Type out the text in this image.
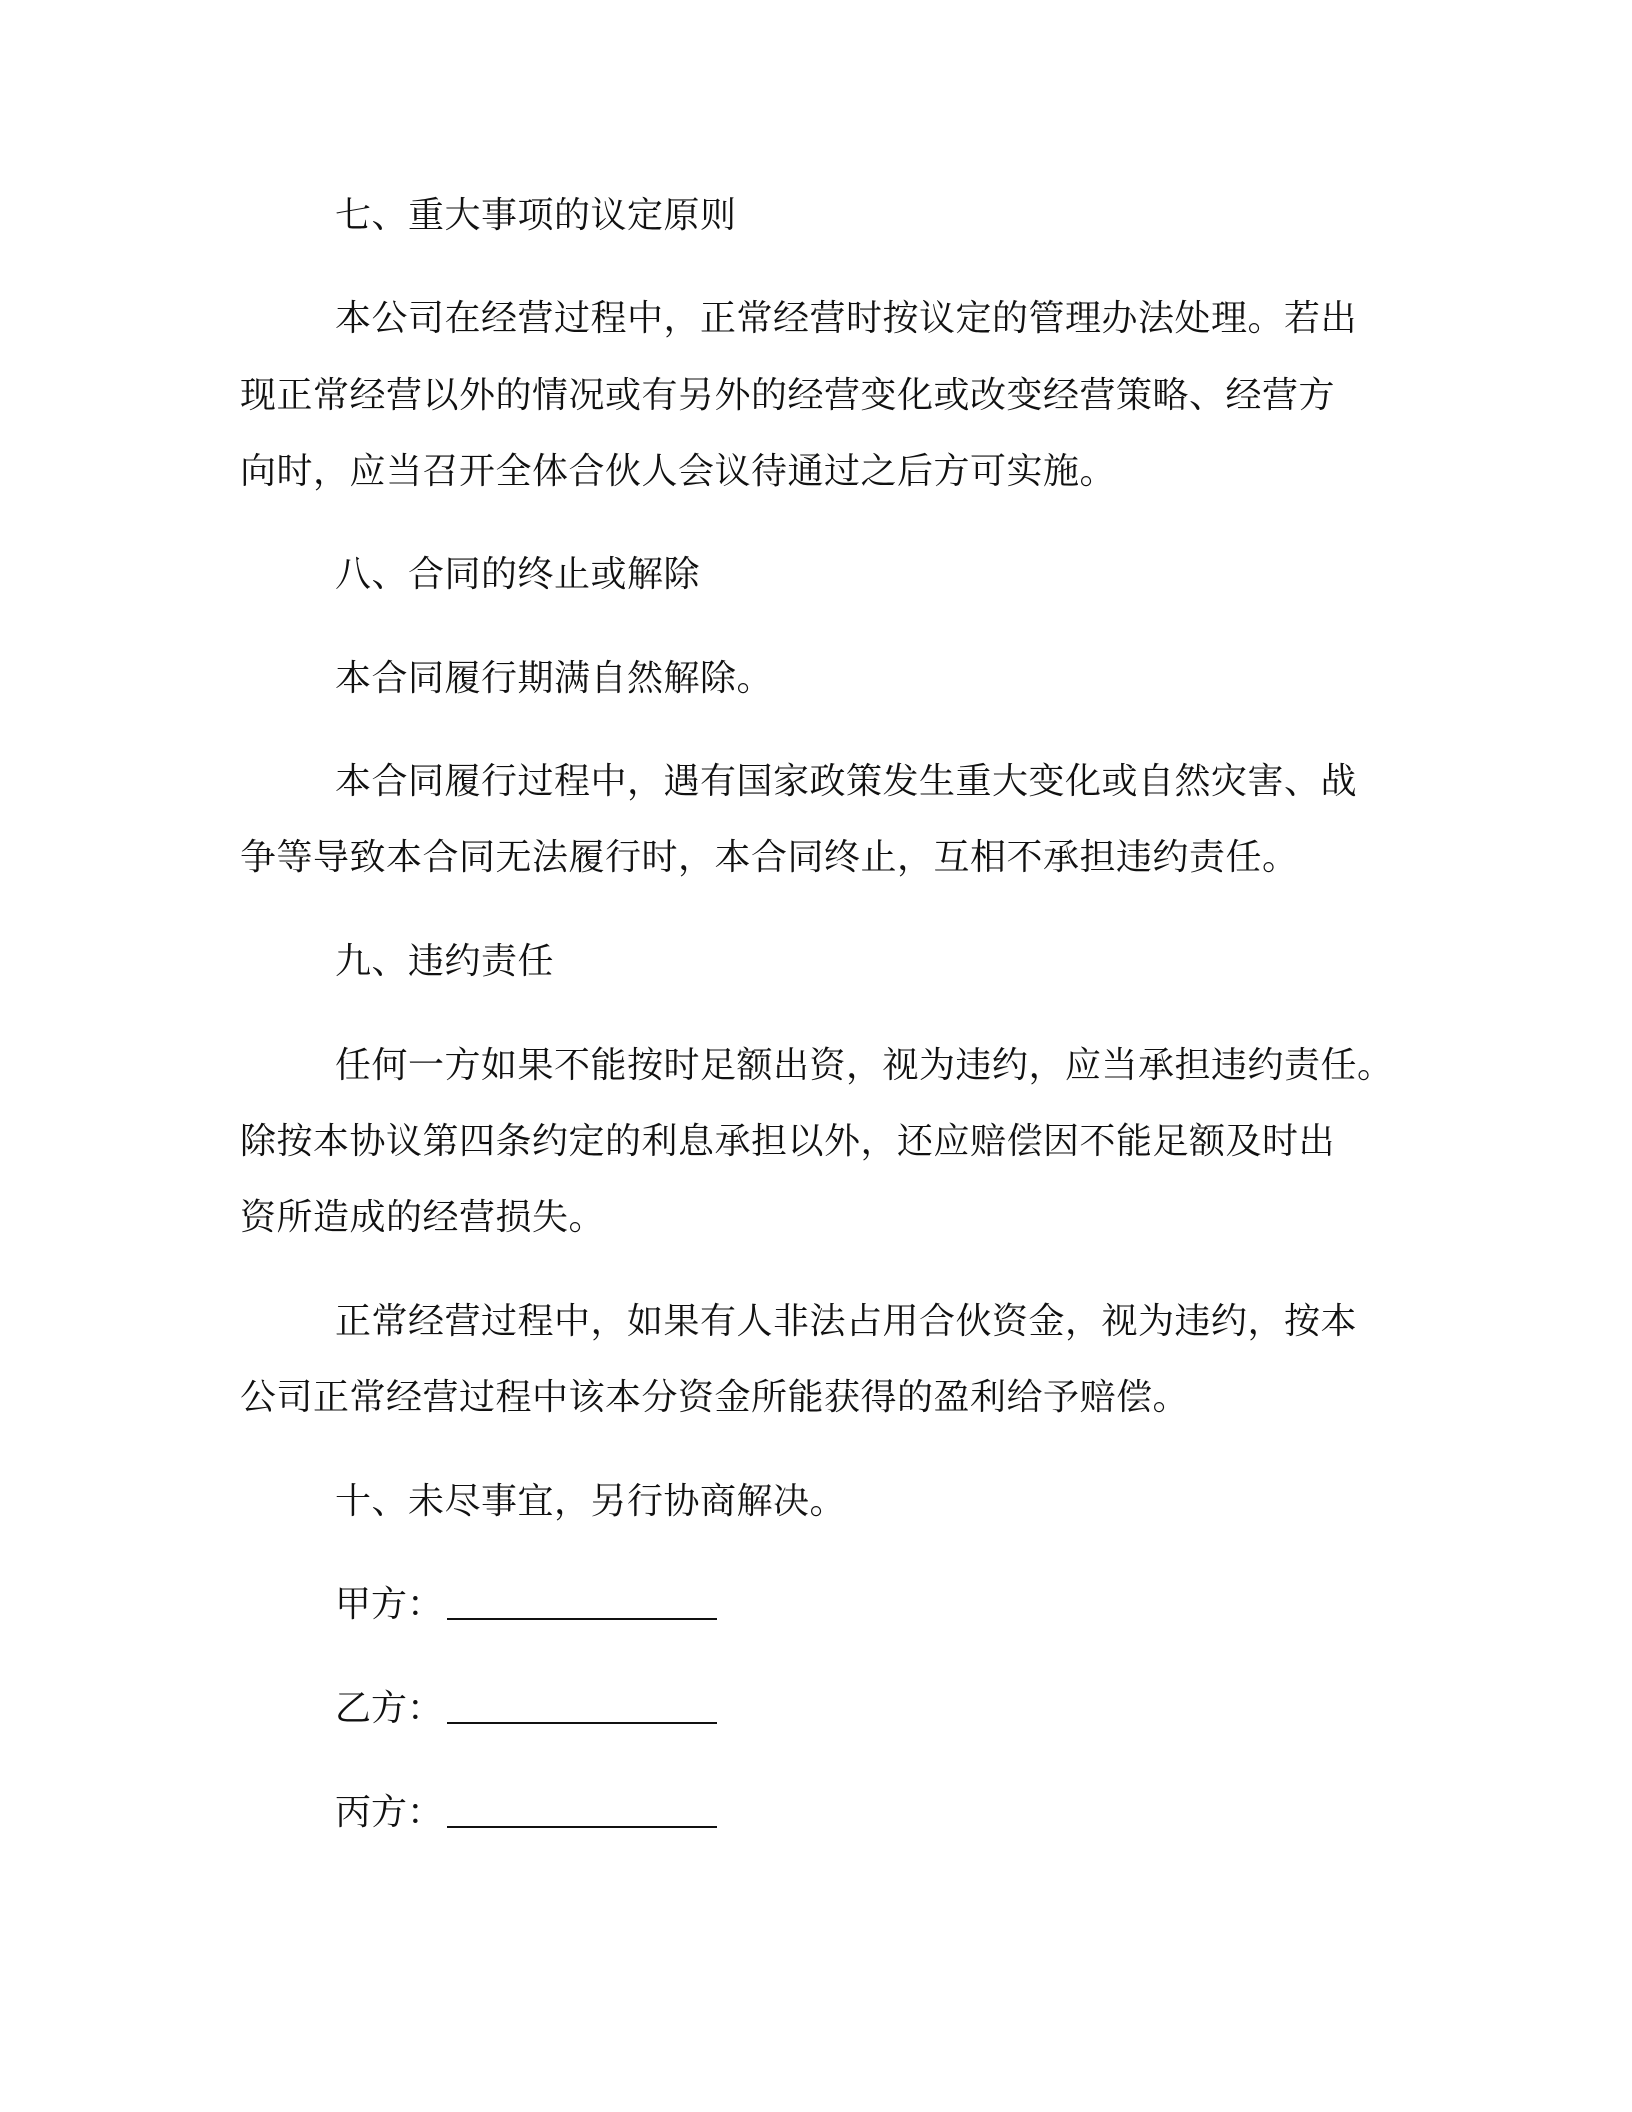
七、重大事项的议定原则
本公司在经营过程中，正常经营时按议定的管理办法处理。若出
现正常经营以外的情况或有另外的经营变化或改变经营策略、经营方
向时，应当召开全体合伙人会议待通过之后方可实施。
八、合同的终止或解除
本合同履行期满自然解除。
本合同履行过程中，遇有国家政策发生重大变化或自然灾害、战
争等导致本合同无法履行时，本合同终止，互相不承担违约责任。
九、违约责任
任何一方如果不能按时足额出资，视为违约，应当承担违约责任。
除按本协议第四条约定的利息承担以外，还应赔偿因不能足额及时出
资所造成的经营损失。
正常经营过程中，如果有人非法占用合伙资金，视为违约，按本
公司正常经营过程中该本分资金所能获得的盈利给予赔偿。
十、未尽事宜，另行协商解决。
甲方：
乙方：
丙方：
